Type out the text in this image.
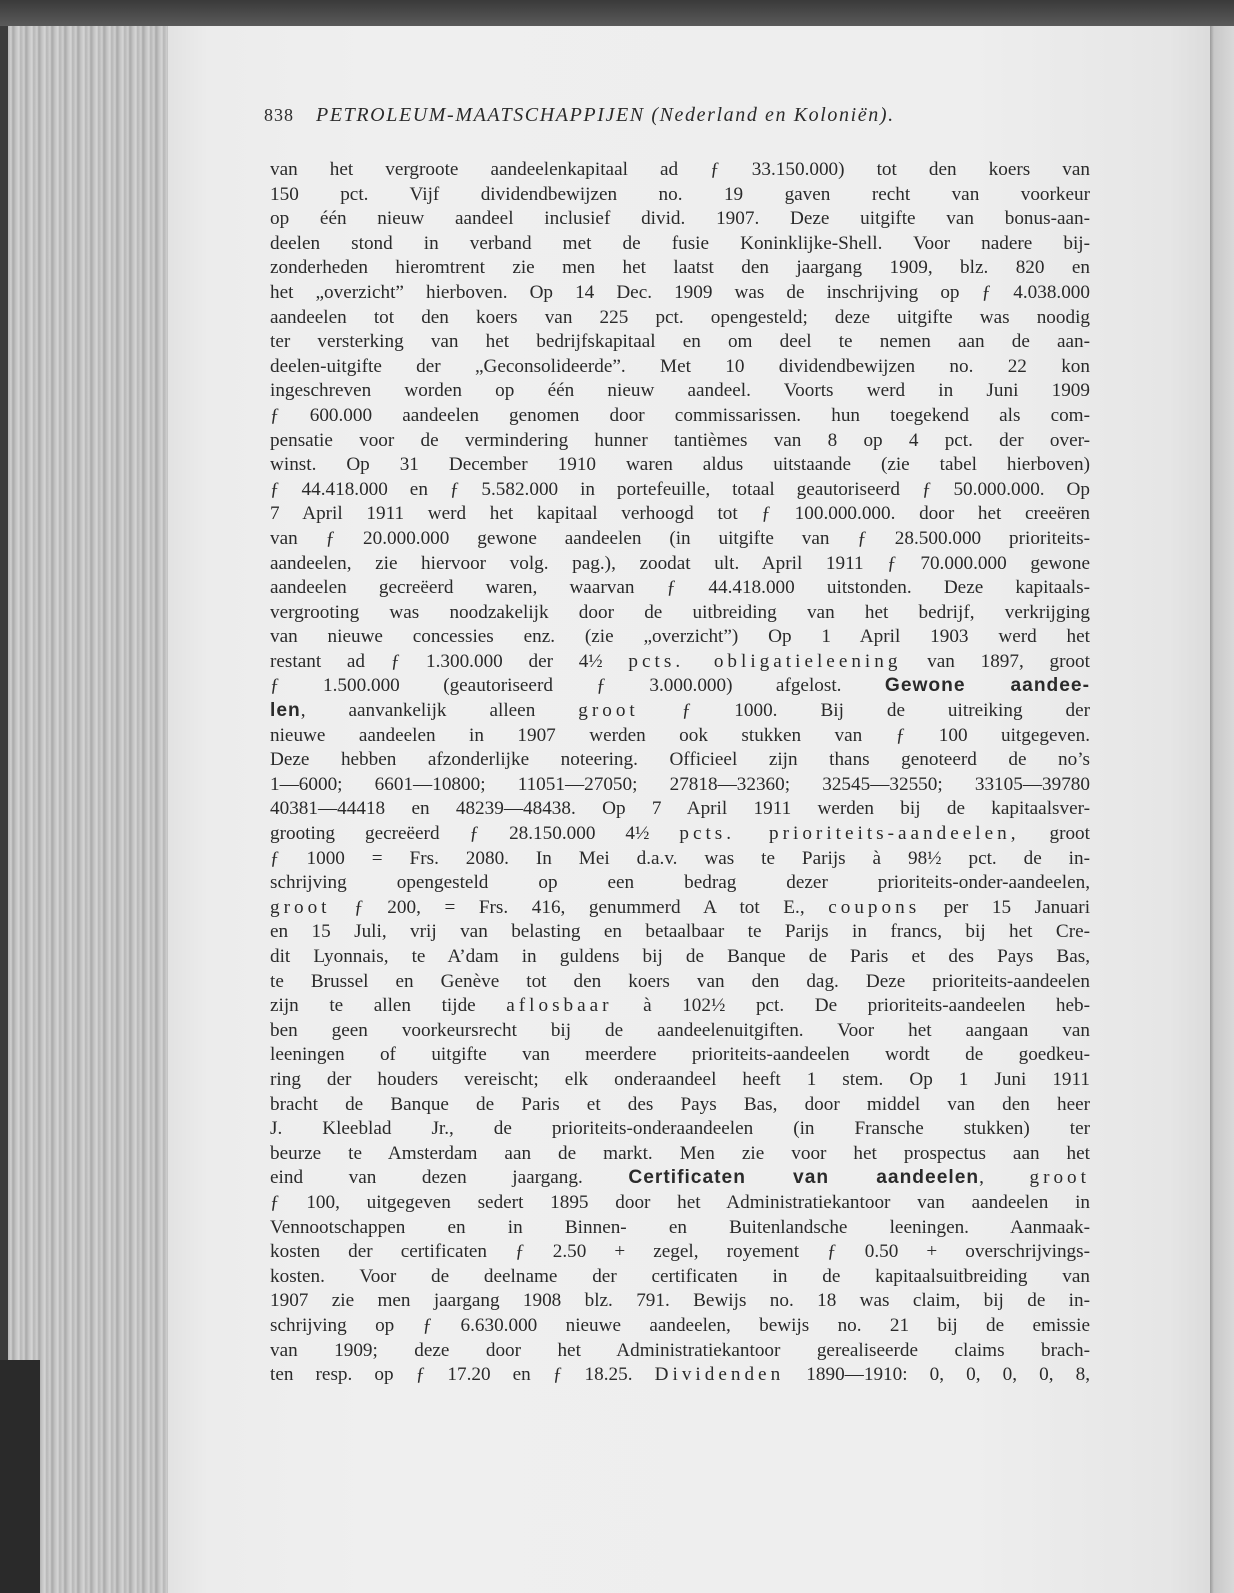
838 PETROLEUM-MAATSCHAPPIJEN (Nederland en Koloniën).
van het vergroote aandeelenkapitaal ad ƒ 33.150.000) tot den koers van
150 pct. Vijf dividendbewijzen no. 19 gaven recht van voorkeur
op één nieuw aandeel inclusief divid. 1907. Deze uitgifte van bonus-aan-
deelen stond in verband met de fusie Koninklijke-Shell. Voor nadere bij-
zonderheden hieromtrent zie men het laatst den jaargang 1909, blz. 820 en
het „overzicht” hierboven. Op 14 Dec. 1909 was de inschrijving op ƒ 4.038.000
aandeelen tot den koers van 225 pct. opengesteld; deze uitgifte was noodig
ter versterking van het bedrijfskapitaal en om deel te nemen aan de aan-
deelen-uitgifte der „Geconsolideerde”. Met 10 dividendbewijzen no. 22 kon
ingeschreven worden op één nieuw aandeel. Voorts werd in Juni 1909
ƒ 600.000 aandeelen genomen door commissarissen. hun toegekend als com-
pensatie voor de vermindering hunner tantièmes van 8 op 4 pct. der over-
winst. Op 31 December 1910 waren aldus uitstaande (zie tabel hierboven)
ƒ 44.418.000 en ƒ 5.582.000 in portefeuille, totaal geautoriseerd ƒ 50.000.000. Op
7 April 1911 werd het kapitaal verhoogd tot ƒ 100.000.000. door het creeëren
van ƒ 20.000.000 gewone aandeelen (in uitgifte van ƒ 28.500.000 prioriteits-
aandeelen, zie hiervoor volg. pag.), zoodat ult. April 1911 ƒ 70.000.000 gewone
aandeelen gecreëerd waren, waarvan ƒ 44.418.000 uitstonden. Deze kapitaals-
vergrooting was noodzakelijk door de uitbreiding van het bedrijf, verkrijging
van nieuwe concessies enz. (zie „overzicht”) Op 1 April 1903 werd het
restant ad ƒ 1.300.000 der 4½ pcts. obligatieleening van 1897, groot
ƒ 1.500.000 (geautoriseerd ƒ 3.000.000) afgelost. Gewone aandee-
len, aanvankelijk alleen groot ƒ 1000. Bij de uitreiking der
nieuwe aandeelen in 1907 werden ook stukken van ƒ 100 uitgegeven.
Deze hebben afzonderlijke noteering. Officieel zijn thans genoteerd de no’s
1—6000; 6601—10800; 11051—27050; 27818—32360; 32545—32550; 33105—39780
40381—44418 en 48239—48438. Op 7 April 1911 werden bij de kapitaalsver-
grooting gecreëerd ƒ 28.150.000 4½ pcts. prioriteits-aandeelen, groot
ƒ 1000 = Frs. 2080. In Mei d.a.v. was te Parijs à 98½ pct. de in-
schrijving opengesteld op een bedrag dezer prioriteits-onder-aandeelen,
groot ƒ 200, = Frs. 416, genummerd A tot E., coupons per 15 Januari
en 15 Juli, vrij van belasting en betaalbaar te Parijs in francs, bij het Cre-
dit Lyonnais, te A’dam in guldens bij de Banque de Paris et des Pays Bas,
te Brussel en Genève tot den koers van den dag. Deze prioriteits-aandeelen
zijn te allen tijde aflosbaar à 102½ pct. De prioriteits-aandeelen heb-
ben geen voorkeursrecht bij de aandeelenuitgiften. Voor het aangaan van
leeningen of uitgifte van meerdere prioriteits-aandeelen wordt de goedkeu-
ring der houders vereischt; elk onderaandeel heeft 1 stem. Op 1 Juni 1911
bracht de Banque de Paris et des Pays Bas, door middel van den heer
J. Kleeblad Jr., de prioriteits-onderaandeelen (in Fransche stukken) ter
beurze te Amsterdam aan de markt. Men zie voor het prospectus aan het
eind van dezen jaargang. Certificaten van aandeelen, groot
ƒ 100, uitgegeven sedert 1895 door het Administratiekantoor van aandeelen in
Vennootschappen en in Binnen- en Buitenlandsche leeningen. Aanmaak-
kosten der certificaten ƒ 2.50 + zegel, royement ƒ 0.50 + overschrijvings-
kosten. Voor de deelname der certificaten in de kapitaalsuitbreiding van
1907 zie men jaargang 1908 blz. 791. Bewijs no. 18 was claim, bij de in-
schrijving op ƒ 6.630.000 nieuwe aandeelen, bewijs no. 21 bij de emissie
van 1909; deze door het Administratiekantoor gerealiseerde claims brach-
ten resp. op ƒ 17.20 en ƒ 18.25. Dividenden 1890—1910: 0, 0, 0, 0, 8,
